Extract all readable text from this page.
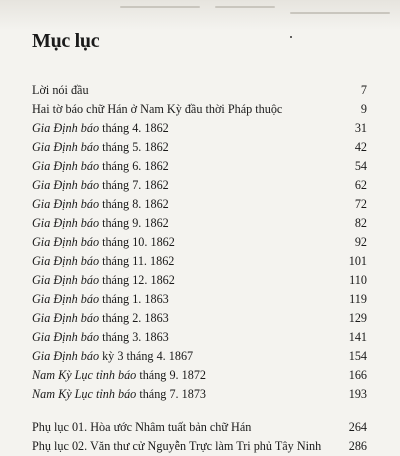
Mục lục
Lời nói đầu	7
Hai tờ báo chữ Hán ở Nam Kỳ đầu thời Pháp thuộc	9
Gia Định báo tháng 4. 1862	31
Gia Định báo tháng 5. 1862	42
Gia Định báo tháng 6. 1862	54
Gia Định báo tháng 7. 1862	62
Gia Định báo tháng 8. 1862	72
Gia Định báo tháng 9. 1862	82
Gia Định báo tháng 10. 1862	92
Gia Định báo tháng 11. 1862	101
Gia Định báo tháng 12. 1862	110
Gia Định báo tháng 1. 1863	119
Gia Định báo tháng 2. 1863	129
Gia Định báo tháng 3. 1863	141
Gia Định báo kỳ 3 tháng 4. 1867	154
Nam Kỳ Lục tỉnh báo tháng 9. 1872	166
Nam Kỳ Lục tỉnh báo tháng 7. 1873	193
Phụ lục 01. Hòa ước Nhâm tuất bản chữ Hán	264
Phụ lục 02. Văn thư cử Nguyễn Trực làm Tri phủ Tây Ninh 286
